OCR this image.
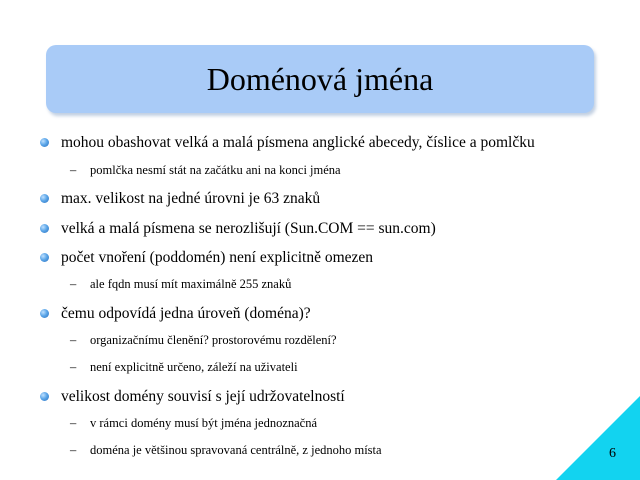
Doménová jména
mohou obashovat velká a malá písmena anglické abecedy, číslice a pomlčku
– pomlčka nesmí stát na začátku ani na konci jména
max. velikost na jedné úrovni je 63 znaků
velká a malá písmena se nerozlišují (Sun.COM == sun.com)
počet vnoření (poddomén) není explicitně omezen
– ale fqdn musí mít maximálně 255 znaků
čemu odpovídá jedna úroveň (doména)?
– organizačnímu členění? prostorovému rozdělení?
– není explicitně určeno, záleží na uživateli
velikost domény souvisí s její udržovatelností
– v rámci domény musí být jména jednoznačná
– doména je většinou spravovaná centrálně, z jednoho místa	6
